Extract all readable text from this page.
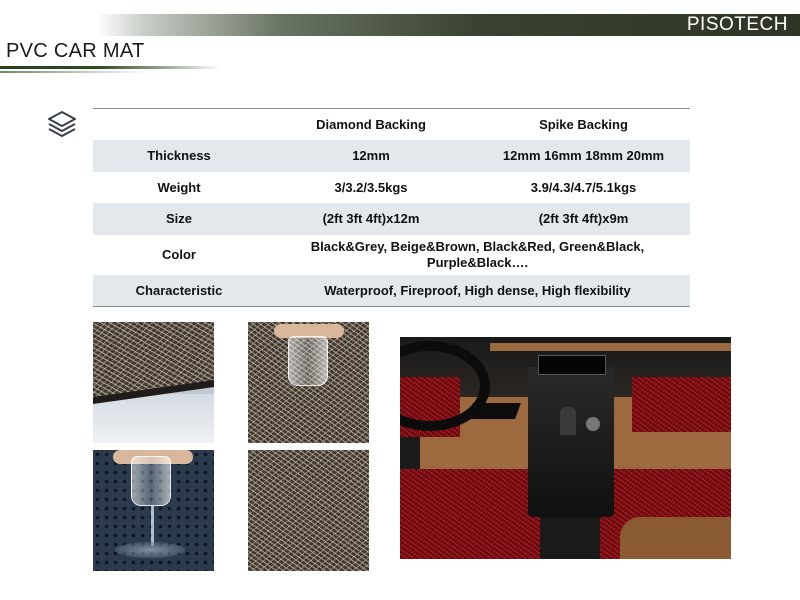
PISOTECH
PVC CAR MAT
	Diamond Backing	Spike Backing
Thickness	12mm	12mm 16mm 18mm 20mm
Weight	3/3.2/3.5kgs	3.9/4.3/4.7/5.1kgs
Size	(2ft 3ft 4ft)x12m	(2ft 3ft 4ft)x9m
Color	Black&Grey, Beige&Brown, Black&Red, Green&Black,
Purple&Black….	

Characteristic	Waterproof, Fireproof, High dense, High flexibility	
